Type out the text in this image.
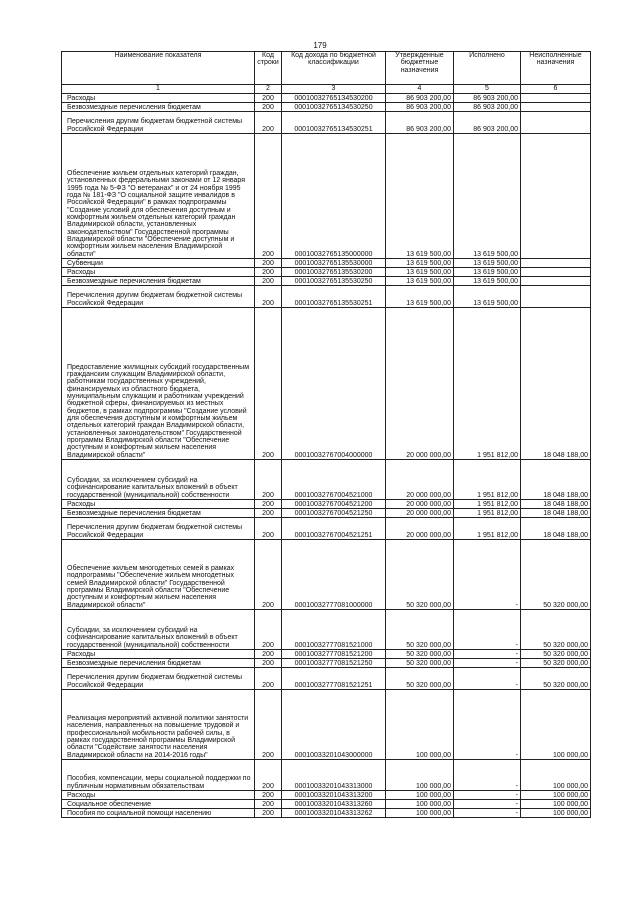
179
Наименование показателя	Код строки	Код дохода по бюджетной классификации	Утвержденные бюджетные назначения	Исполнено	Неисполненные назначения
1	2	3	4	5	6
Расходы	200	000100327651З4530200	86 903 200,00	86 903 200,00	
Безвозмездные перечисления бюджетам	200	000100327651З4530250	86 903 200,00	86 903 200,00	
Перечисления другим бюджетам бюджетной системы Российской Федерации	200	000100327651З4530251	86 903 200,00	86 903 200,00	
Обеспечение жильем отдельных категорий граждан, установленных федеральными законами от 12 января 1995 года № 5-ФЗ "О ветеранах" и от 24 ноября 1995 года № 181-ФЗ "О социальной защите инвалидов в Российской Федерации" в рамках подпрограммы "Создание условий для обеспечения доступным и комфортным жильем отдельных категорий граждан Владимирской области, установленных законодательством" Государственной программы Владимирской области "Обеспечение доступным и комфортным жильем населения Владимирской области"	200	00010032765135000000	13 619 500,00	13 619 500,00	
Субвенции	200	00010032765135530000	13 619 500,00	13 619 500,00	
Расходы	200	00010032765135530200	13 619 500,00	13 619 500,00	
Безвозмездные перечисления бюджетам	200	00010032765135530250	13 619 500,00	13 619 500,00	
Перечисления другим бюджетам бюджетной системы Российской Федерации	200	00010032765135530251	13 619 500,00	13 619 500,00	
Предоставление жилищных субсидий государственным гражданским служащим Владимирской области, работникам государственных учреждений, финансируемых из областного бюджета, муниципальным служащим и работникам учреждений бюджетной сферы, финансируемых из местных бюджетов, в рамках подпрограммы "Создание условий для обеспечения доступным и комфортным жильем отдельных категорий граждан Владимирской области, установленных законодательством" Государственной программы Владимирской области "Обеспечение доступным и комфортным жильем населения Владимирской области"	200	00010032767004000000	20 000 000,00	1 951 812,00	18 048 188,00
Субсидии, за исключением субсидий на софинансирование капитальных вложений в объект государственной (муниципальной) собственности	200	00010032767004521000	20 000 000,00	1 951 812,00	18 048 188,00
Расходы	200	00010032767004521200	20 000 000,00	1 951 812,00	18 048 188,00
Безвозмездные перечисления бюджетам	200	00010032767004521250	20 000 000,00	1 951 812,00	18 048 188,00
Перечисления другим бюджетам бюджетной системы Российской Федерации	200	00010032767004521251	20 000 000,00	1 951 812,00	18 048 188,00
Обеспечение жильем многодетных семей в рамках подпрограммы "Обеспечение жильем многодетных семей Владимирской области" Государственной программы Владимирской области "Обеспечение доступным и комфортным жильем населения Владимирской области"	200	00010032777081000000	50 320 000,00	-	50 320 000,00
Субсидии, за исключением субсидий на софинансирование капитальных вложений в объект государственной (муниципальной) собственности	200	00010032777081521000	50 320 000,00	-	50 320 000,00
Расходы	200	00010032777081521200	50 320 000,00	-	50 320 000,00
Безвозмездные перечисления бюджетам	200	00010032777081521250	50 320 000,00	-	50 320 000,00
Перечисления другим бюджетам бюджетной системы Российской Федерации	200	00010032777081521251	50 320 000,00	-	50 320 000,00
Реализация мероприятий активной политики занятости населения, направленных на повышение трудовой и профессиональной мобильности рабочей силы, в рамках государственной программы Владимирской области "Содействие занятости населения Владимирской области на 2014-2016 годы"	200	00010033201043000000	100 000,00	-	100 000,00
Пособия, компенсации, меры социальной поддержки по публичным нормативным обязательствам	200	00010033201043313000	100 000,00	-	100 000,00
Расходы	200	00010033201043313200	100 000,00	-	100 000,00
Социальное обеспечение	200	00010033201043313260	100 000,00	-	100 000,00
Пособия по социальной помощи населению	200	00010033201043313262	100 000,00	-	100 000,00
